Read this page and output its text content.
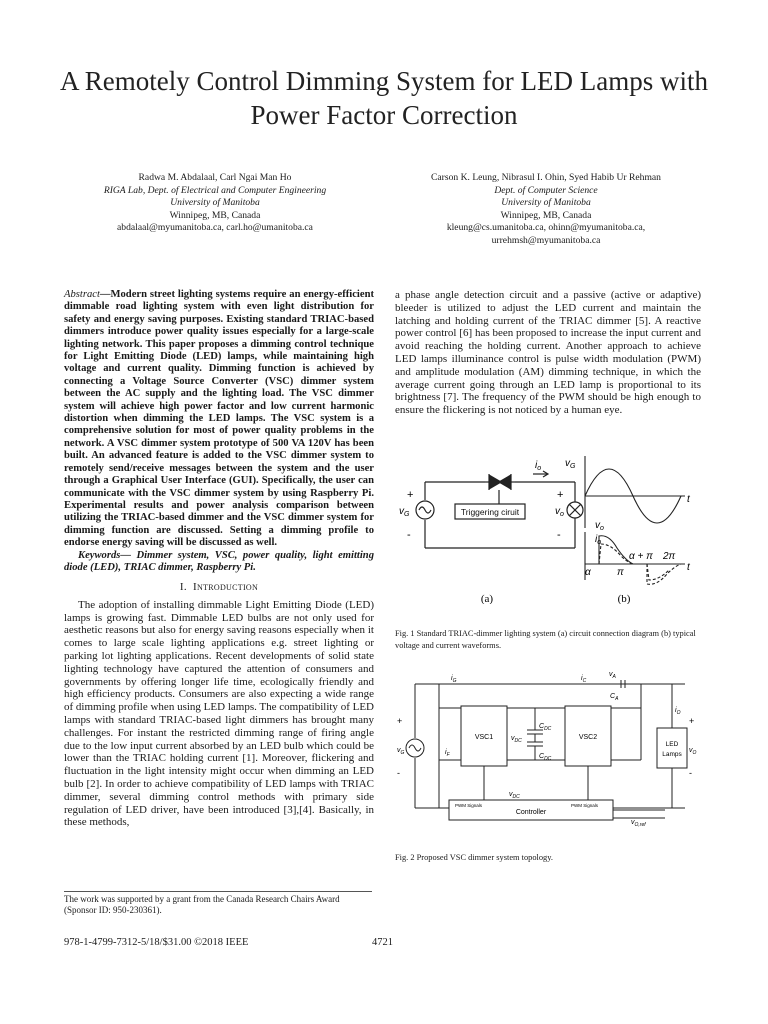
A Remotely Control Dimming System for LED Lamps with Power Factor Correction
Radwa M. Abdalaal, Carl Ngai Man Ho
RIGA Lab, Dept. of Electrical and Computer Engineering
University of Manitoba
Winnipeg, MB, Canada
abdalaal@myumanitoba.ca, carl.ho@umanitoba.ca
Carson K. Leung, Nibrasul I. Ohin, Syed Habib Ur Rehman
Dept. of Computer Science
University of Manitoba
Winnipeg, MB, Canada
kleung@cs.umanitoba.ca, ohinn@myumanitoba.ca,
urrehmsh@myumanitoba.ca
Abstract—Modern street lighting systems require an energy-efficient dimmable road lighting system with even light distribution for safety and energy saving purposes. Existing standard TRIAC-based dimmers introduce power quality issues especially for a large-scale lighting network. This paper proposes a dimming control technique for Light Emitting Diode (LED) lamps, while maintaining high voltage and current quality. Dimming function is achieved by connecting a Voltage Source Converter (VSC) dimmer system between the AC supply and the lighting load. The VSC dimmer system will achieve high power factor and low current harmonic distortion when dimming the LED lamps. The VSC system is a comprehensive solution for most of power quality problems in the network. A VSC dimmer system prototype of 500 VA 120V has been built. An advanced feature is added to the VSC dimmer system to remotely send/receive messages between the system and the user through a Graphical User Interface (GUI). Specifically, the user can communicate with the VSC dimmer system by using Raspberry Pi. Experimental results and power analysis comparison between utilizing the TRIAC-based dimmer and the VSC dimmer system for dimming function are discussed. Setting a dimming profile to endorse energy saving will be discussed as well.
Keywords— Dimmer system, VSC, power quality, light emitting diode (LED), TRIAC dimmer, Raspberry Pi.
I. Introduction

The adoption of installing dimmable Light Emitting Diode (LED) lamps is growing fast. Dimmable LED bulbs are not only used for aesthetic reasons but also for energy saving reasons especially when it comes to large scale lighting applications e.g. street lighting or parking lot lighting applications. Recent developments of solid state lighting technology have captured the attention of consumers and governments by offering longer life time, ecologically friendly and high efficiency products. Consumers are also expecting a wide range of dimming profile when using LED lamps. The compatibility of LED lamps with standard TRIAC-based light dimmers has brought many challenges. For instant the restricted dimming range of firing angle due to the low input current absorbed by an LED bulb which could be lower than the TRIAC holding current [1]. Moreover, flickering and fluctuation in the light intensity might occur when dimming an LED bulb [2]. In order to achieve compatibility of LED lamps with TRIAC dimmer, several dimming control methods with primary side regulation of LED driver, have been introduced [3],[4]. Basically, in these methods,

a phase angle detection circuit and a passive (active or adaptive) bleeder is utilized to adjust the LED current and maintain the latching and holding current of the TRIAC dimmer [5]. A reactive power control [6] has been proposed to increase the input current and avoid reaching the holding current. Another approach to achieve LED lamps illuminance control is pulse width modulation (PWM) and amplitude modulation (AM) dimming technique, in which the average current going through an LED lamp is proportional to its brightness [7]. The frequency of the PWM should be high enough to ensure the flickering is not noticed by a human eye.

Triggering ciruit
+
-
+
-
$v_G$	$v_o$
$i_o$ $v_G$
t
t
$v_o$
$i_o$
α	π
α + π 2π
(a)	(b)
Fig. 1 Standard TRIAC-dimmer lighting system (a) circuit connection diagram (b) typical voltage and current waveforms.
VSC1	VSC2
Controller
LED
Lamps
PWM Signals	PWM Signals
$i_G$	$i_C$
$v_A$
$C_A$
$i_O$
$v_O$
$v_G$	$i_F$
$v_{DC}$
$C_{DC}$
$C_{DC}$
$v_{DC}$
$v_{O,ref}$
+
-
+
-
Fig. 2 Proposed VSC dimmer system topology.
The work was supported by a grant from the Canada Research Chairs Award (Sponsor ID: 950-230361).
978-1-4799-7312-5/18/$31.00 ©2018 IEEE	4721
